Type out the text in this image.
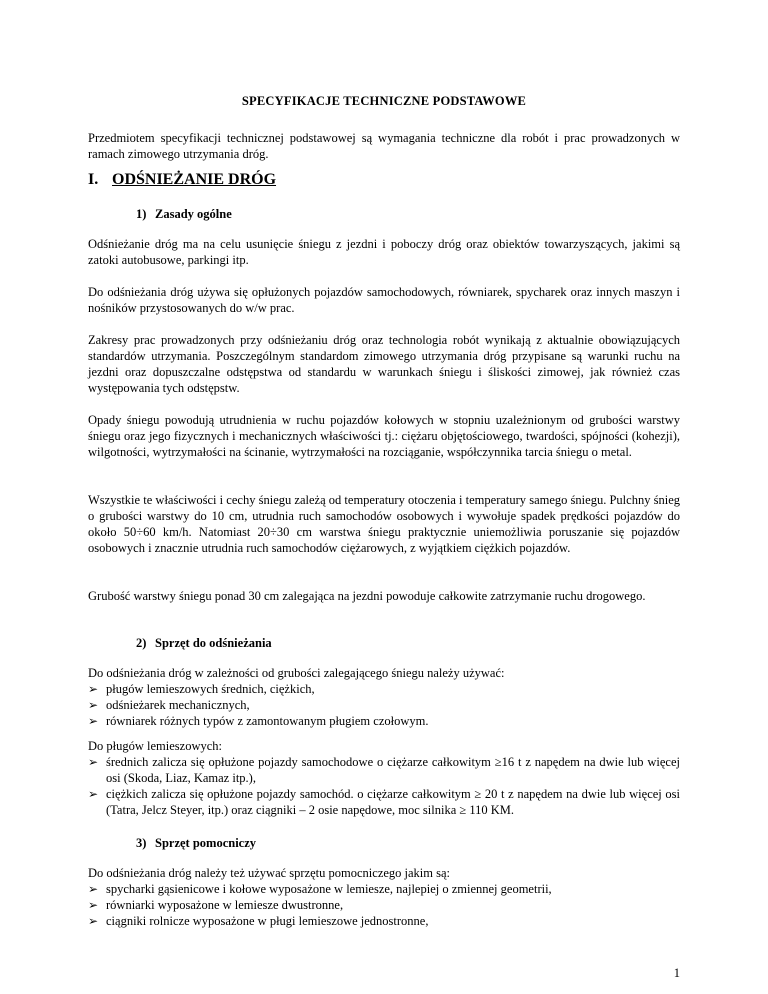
SPECYFIKACJE TECHNICZNE PODSTAWOWE
Przedmiotem specyfikacji technicznej podstawowej są wymagania techniczne dla robót i prac prowadzonych w ramach zimowego utrzymania dróg.
I. ODŚNIEŻANIE DRÓG
1) Zasady ogólne
Odśnieżanie dróg ma na celu usunięcie śniegu z jezdni i poboczy dróg oraz obiektów towarzyszących, jakimi są zatoki autobusowe, parkingi itp.
Do odśnieżania dróg używa się opłużonych pojazdów samochodowych, równiarek, spycharek oraz innych maszyn i nośników przystosowanych do w/w prac.
Zakresy prac prowadzonych przy odśnieżaniu dróg oraz technologia robót wynikają z aktualnie obowiązujących standardów utrzymania. Poszczególnym standardom zimowego utrzymania dróg przypisane są warunki ruchu na jezdni oraz dopuszczalne odstępstwa od standardu w warunkach śniegu i śliskości zimowej, jak również czas występowania tych odstępstw.
Opady śniegu powodują utrudnienia w ruchu pojazdów kołowych w stopniu uzależnionym od grubości warstwy śniegu oraz jego fizycznych i mechanicznych właściwości tj.: ciężaru objętościowego, twardości, spójności (kohezji), wilgotności, wytrzymałości na ścinanie, wytrzymałości na rozciąganie, współczynnika tarcia śniegu o metal.
Wszystkie te właściwości i cechy śniegu zależą od temperatury otoczenia i temperatury samego śniegu. Pulchny śnieg o grubości warstwy do 10 cm, utrudnia ruch samochodów osobowych i wywołuje spadek prędkości pojazdów do około 50÷60 km/h. Natomiast 20÷30 cm warstwa śniegu praktycznie uniemożliwia poruszanie się pojazdów osobowych i znacznie utrudnia ruch samochodów ciężarowych, z wyjątkiem ciężkich pojazdów.
Grubość warstwy śniegu ponad 30 cm zalegająca na jezdni powoduje całkowite zatrzymanie ruchu drogowego.
2) Sprzęt do odśnieżania
Do odśnieżania dróg w zależności od grubości zalegającego śniegu należy używać:
➢ pługów lemieszowych średnich, ciężkich,
➢ odśnieżarek mechanicznych,
➢ równiarek różnych typów z zamontowanym pługiem czołowym.
Do pługów lemieszowych:
➢ średnich zalicza się opłużone pojazdy samochodowe o ciężarze całkowitym ≥16 t z napędem na dwie lub więcej osi (Skoda, Liaz, Kamaz itp.),
➢ ciężkich zalicza się opłużone pojazdy samochód. o ciężarze całkowitym ≥ 20 t z napędem na dwie lub więcej osi (Tatra, Jelcz Steyer, itp.) oraz ciągniki – 2 osie napędowe, moc silnika ≥ 110 KM.
3) Sprzęt pomocniczy
Do odśnieżania dróg należy też używać sprzętu pomocniczego jakim są:
➢ spycharki gąsienicowe i kołowe wyposażone w lemiesze, najlepiej o zmiennej geometrii,
➢ równiarki wyposażone w lemiesze dwustronne,
➢ ciągniki rolnicze wyposażone w pługi lemieszowe jednostronne,
1
